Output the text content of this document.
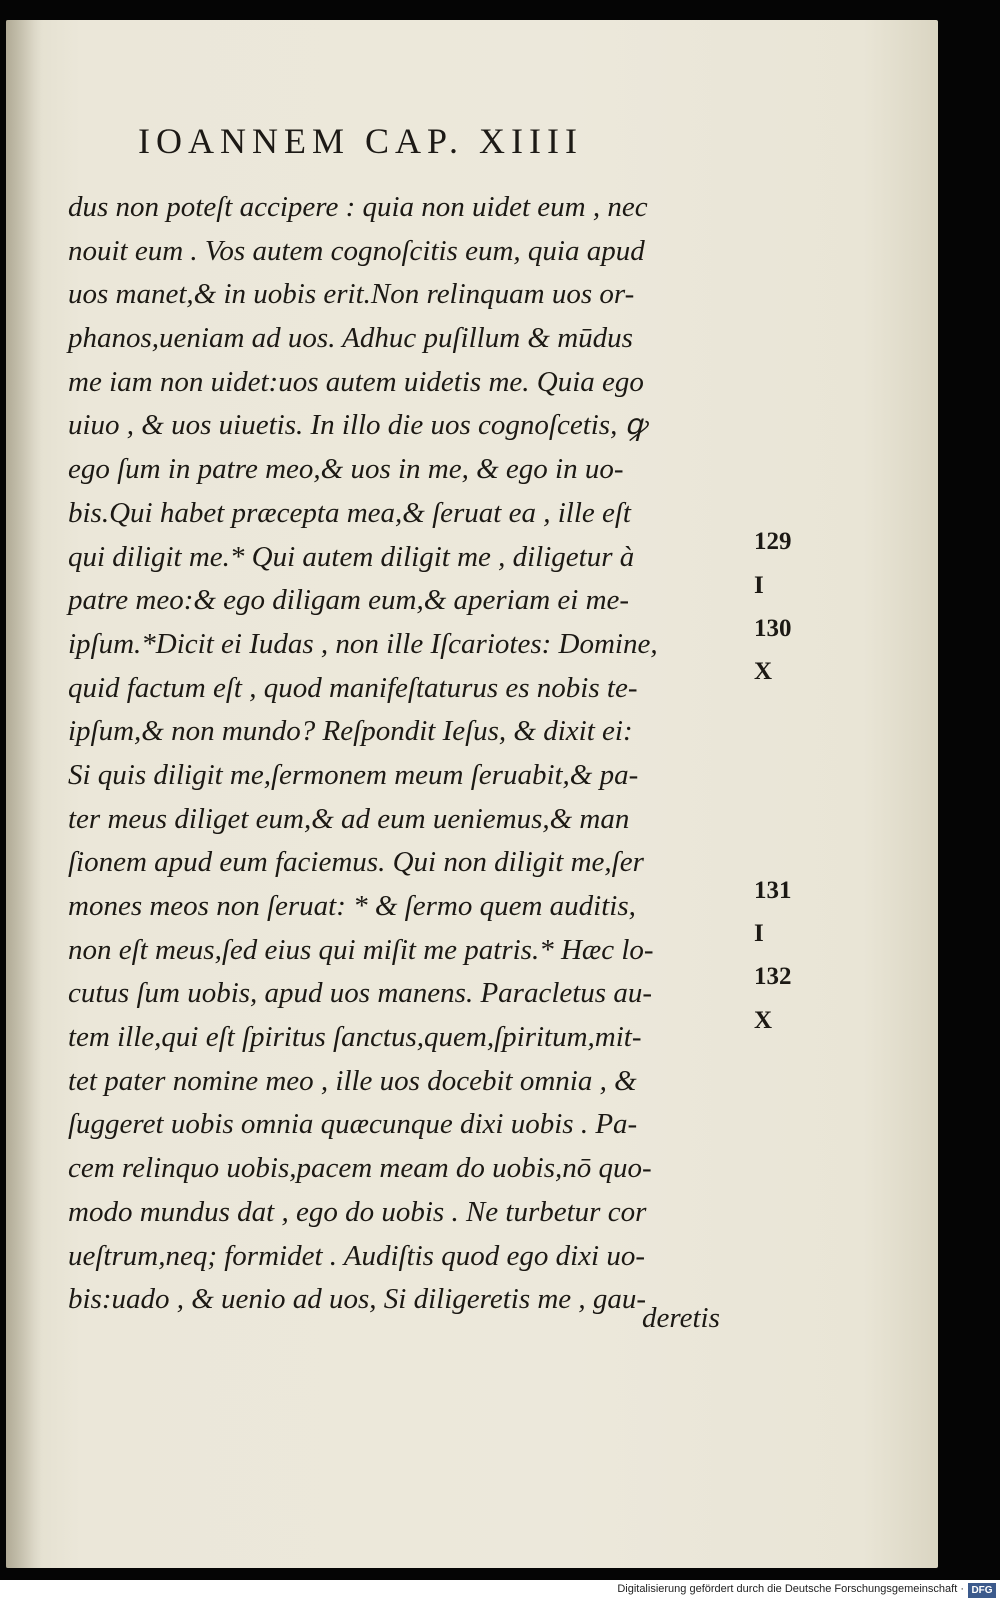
IOANNEM CAP. XIIII
dus non poteſt accipere : quia non uidet eum , nec
nouit eum . Vos autem cognoſcitis eum, quia apud
uos manet,& in uobis erit.Non relinquam uos or-
phanos,ueniam ad uos. Adhuc puſillum & mūdus
me iam non uidet:uos autem uidetis me. Quia ego
uiuo , & uos uiuetis. In illo die uos cognoſcetis, ꝙ
ego ſum in patre meo,& uos in me, & ego in uo-
bis.Qui habet præcepta mea,& ſeruat ea , ille eſt
qui diligit me.* Qui autem diligit me , diligetur à
patre meo:& ego diligam eum,& aperiam ei me-
ipſum.*Dicit ei Iudas , non ille Iſcariotes: Domine,
quid factum eſt , quod manifeſtaturus es nobis te-
ipſum,& non mundo? Reſpondit Ieſus, & dixit ei:
Si quis diligit me,ſermonem meum ſeruabit,& pa-
ter meus diliget eum,& ad eum ueniemus,& man
ſionem apud eum faciemus. Qui non diligit me,ſer
mones meos non ſeruat: * & ſermo quem auditis,
non eſt meus,ſed eius qui miſit me patris.* Hæc lo-
cutus ſum uobis, apud uos manens. Paracletus au-
tem ille,qui eſt ſpiritus ſanctus,quem,ſpiritum,mit-
tet pater nomine meo , ille uos docebit omnia , &
ſuggeret uobis omnia quæcunque dixi uobis . Pa-
cem relinquo uobis,pacem meam do uobis,nō quo-
modo mundus dat , ego do uobis . Ne turbetur cor
ueſtrum,neq; formidet . Audiſtis quod ego dixi uo-
bis:uado , & uenio ad uos, Si diligeretis me , gau-
deretis
129
I
130
X
131
I
132
X
Digitalisierung gefördert durch die Deutsche Forschungsgemeinschaft · DFG
